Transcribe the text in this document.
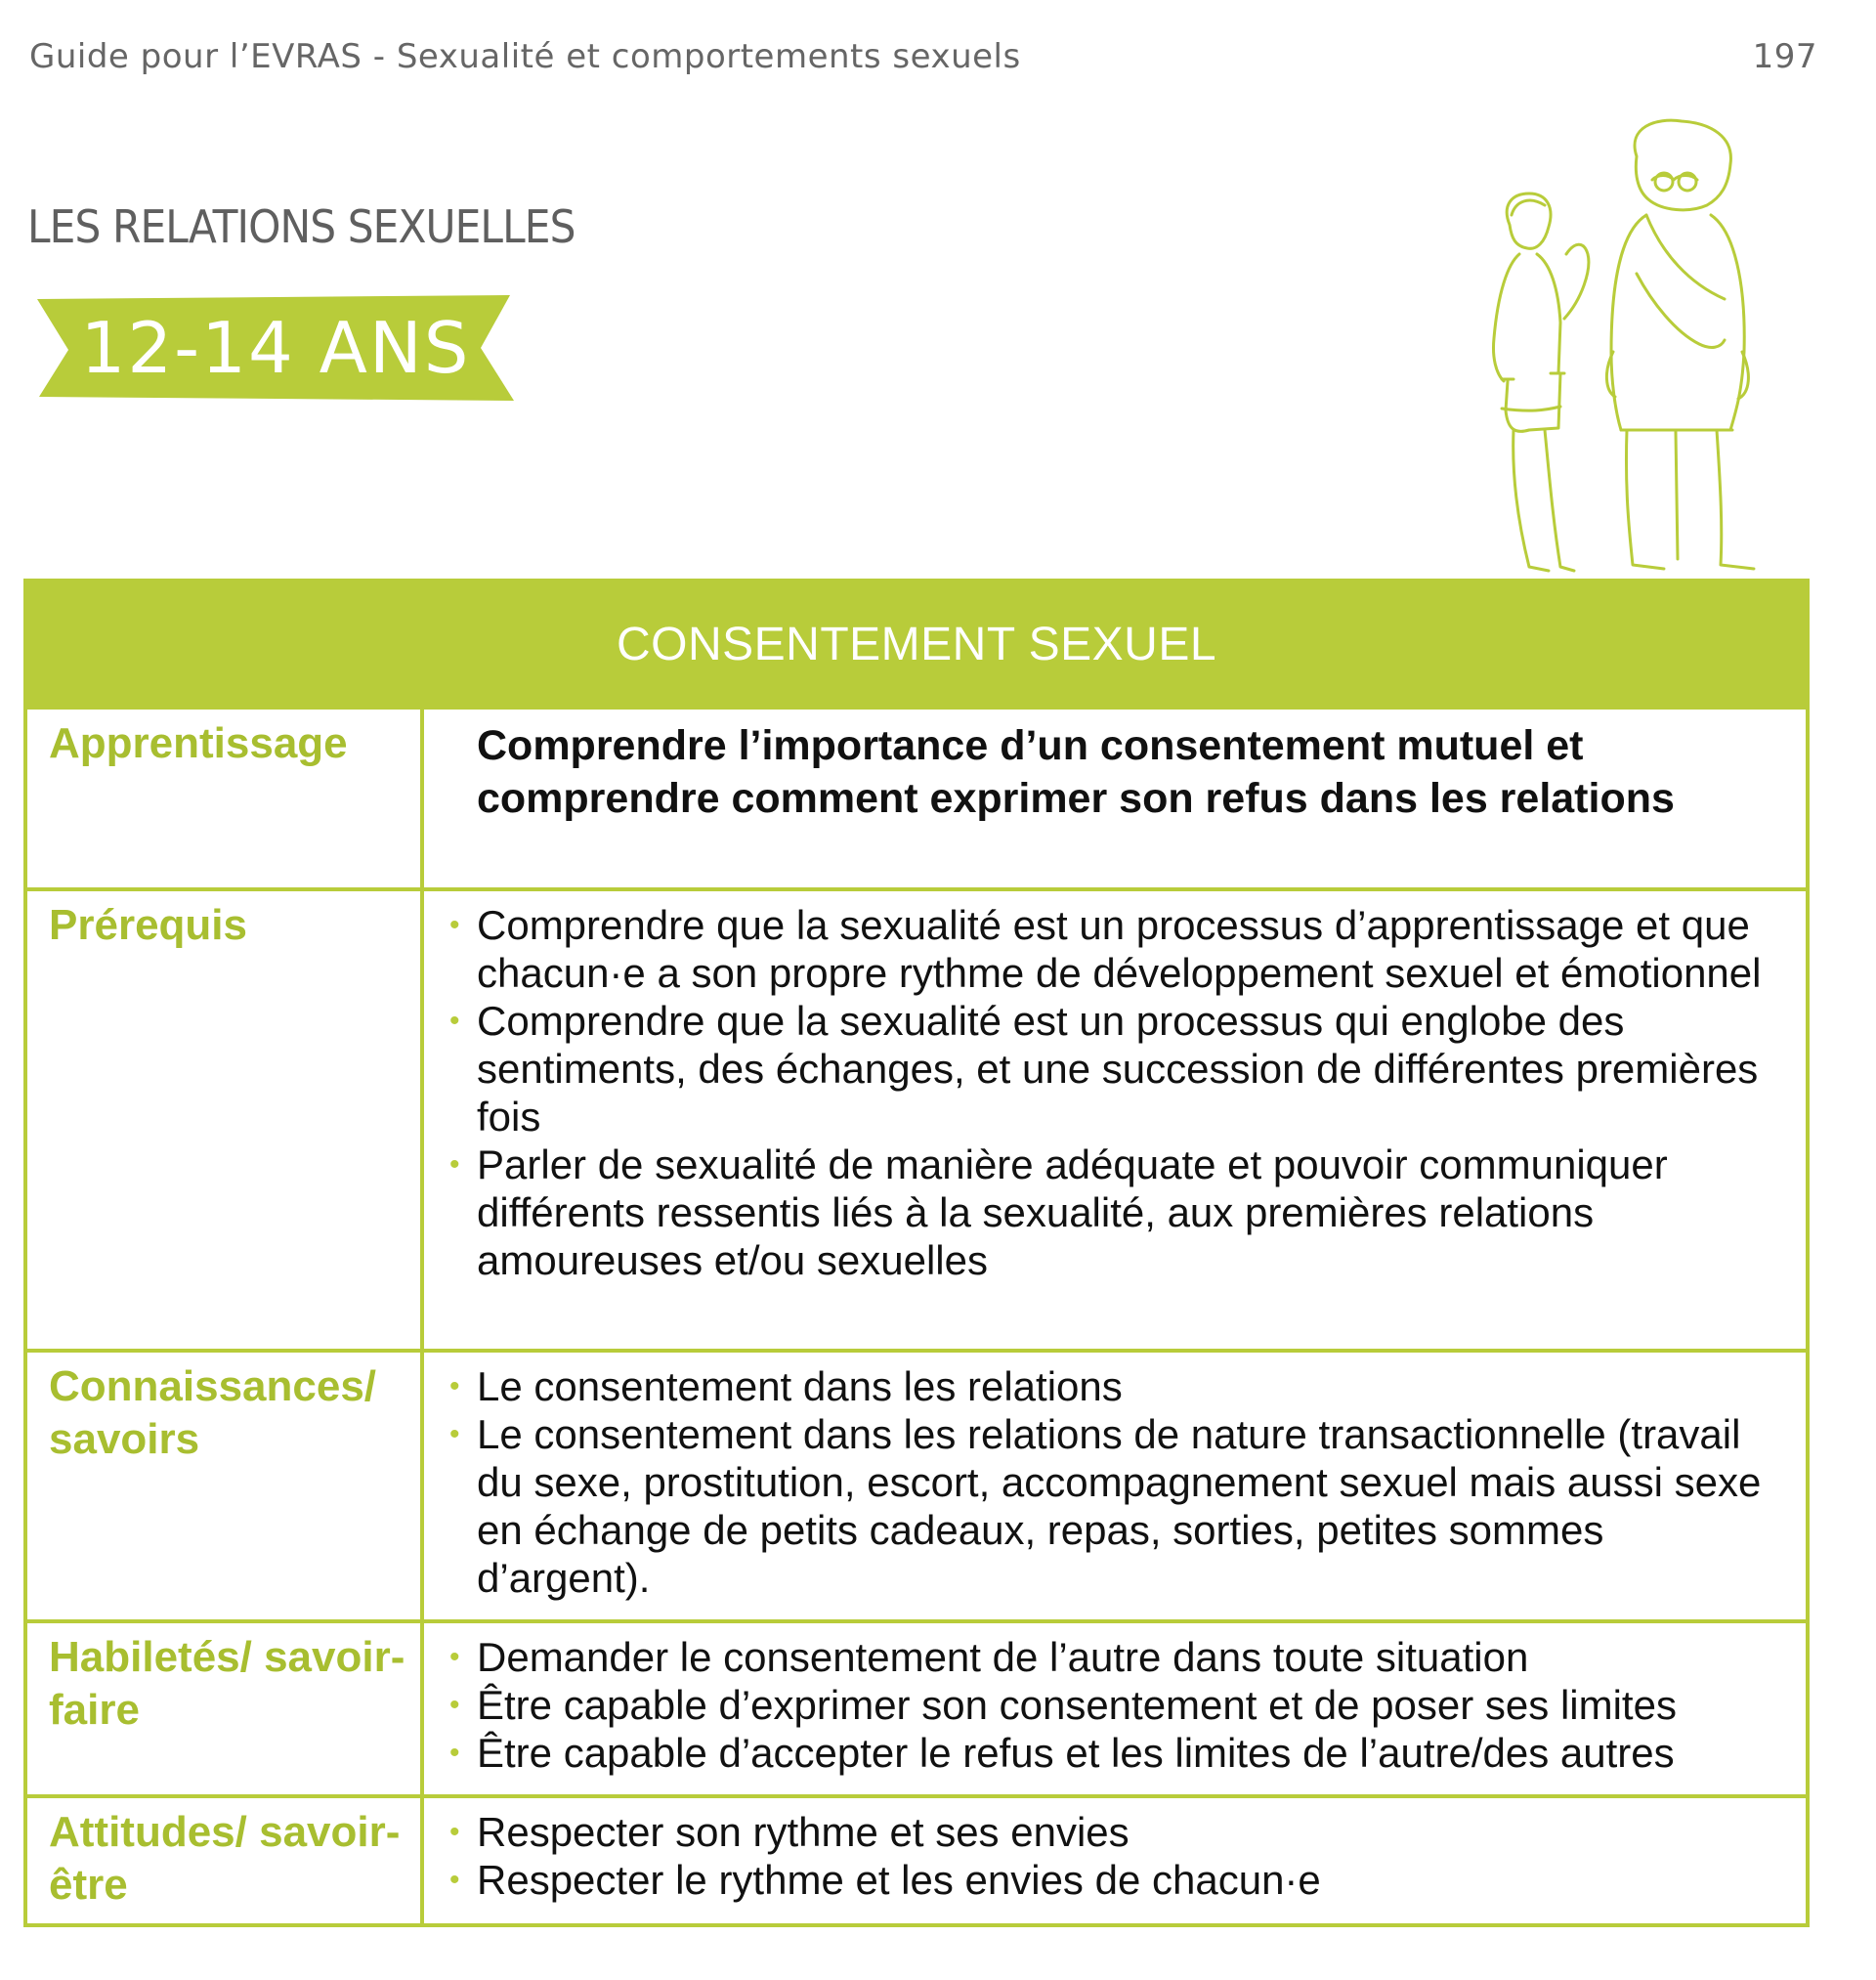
Guide pour l’EVRAS - Sexualité et comportements sexuels	197
LES RELATIONS SEXUELLES
12-14 ANS
CONSENTEMENT SEXUEL
Apprentissage	Comprendre l’importance d’un consentement mutuel et comprendre comment exprimer son refus dans les relations
Prérequis
•	Comprendre que la sexualité est un processus d’apprentissage et que chacun·e a son propre rythme de développement sexuel et émotionnel
• Comprendre que la sexualité est un processus qui englobe des sentiments, des échanges, et une succession de différentes premières fois
• Parler de sexualité de manière adéquate et pouvoir communiquer différents ressentis liés à la sexualité, aux premières relations amoureuses et/ou sexuelles
Connaissances/ savoirs
• Le consentement dans les relations
• Le consentement dans les relations de nature transactionnelle (travail du sexe, prostitution, escort, accompagnement sexuel mais aussi sexe en échange de petits cadeaux, repas, sorties, petites sommes d’argent).
Habiletés/ savoir-faire
• Demander le consentement de l’autre dans toute situation
• Être capable d’exprimer son consentement et de poser ses limites
• Être capable d’accepter le refus et les limites de l’autre/des autres
Attitudes/ savoir-être
• Respecter son rythme et ses envies
• Respecter le rythme et les envies de chacun·e
